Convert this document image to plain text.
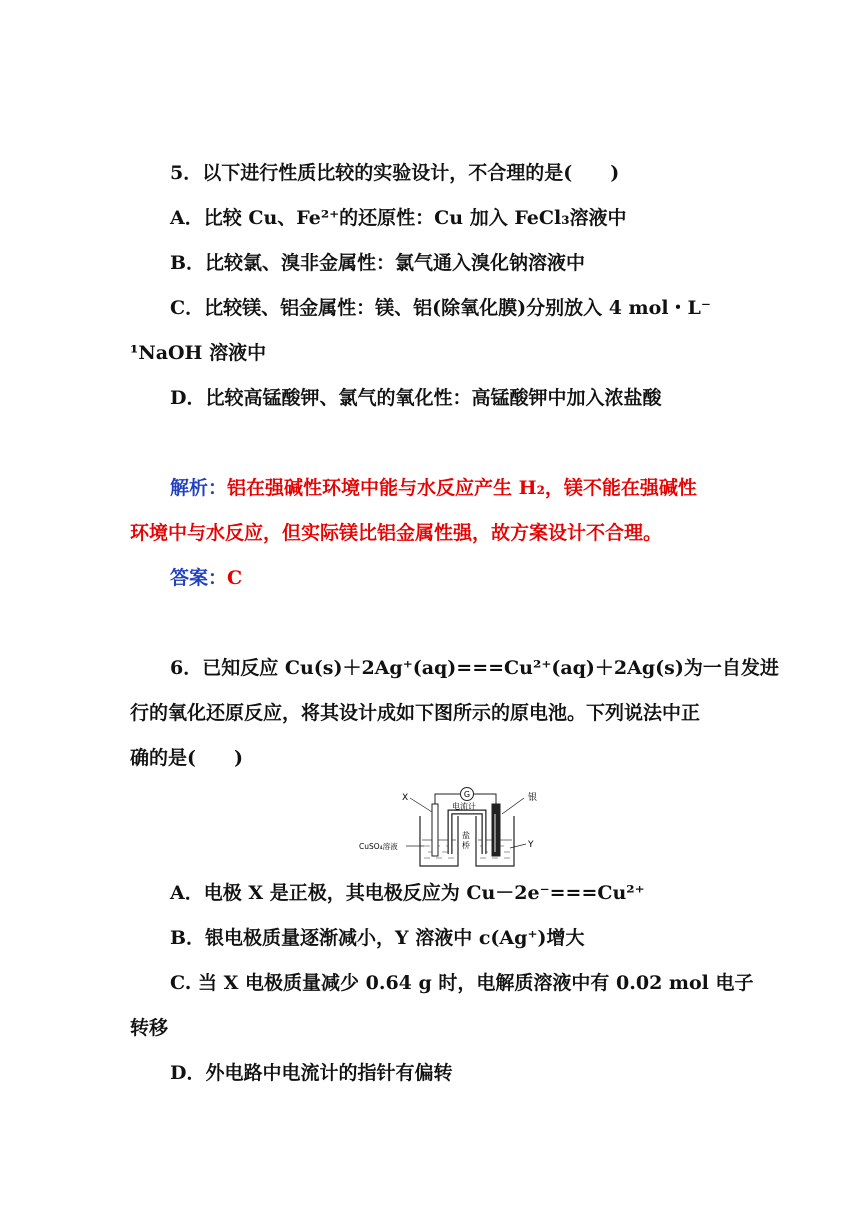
5．以下进行性质比较的实验设计，不合理的是(　　)
A．比较 Cu、Fe²⁺的还原性：Cu 加入 FeCl₃溶液中
B．比较氯、溴非金属性：氯气通入溴化钠溶液中
C．比较镁、铝金属性：镁、铝(除氧化膜)分别放入 4 mol・L⁻
¹NaOH 溶液中
D．比较高锰酸钾、氯气的氧化性：高锰酸钾中加入浓盐酸
解析：铝在强碱性环境中能与水反应产生 H₂，镁不能在强碱性
环境中与水反应，但实际镁比铝金属性强，故方案设计不合理。
答案：C
6．已知反应 Cu(s)＋2Ag⁺(aq)===Cu²⁺(aq)＋2Ag(s)为一自发进
行的氧化还原反应，将其设计成如下图所示的原电池。下列说法中正
确的是(　　)
G
X
电流计
银
盐
桥
CuSO₄溶液	Y
A．电极 X 是正极，其电极反应为 Cu－2e⁻===Cu²⁺
B．银电极质量逐渐减小，Y 溶液中 c(Ag⁺)增大
C. 当 X 电极质量减少 0.64 g 时，电解质溶液中有 0.02 mol 电子
转移
D．外电路中电流计的指针有偏转
